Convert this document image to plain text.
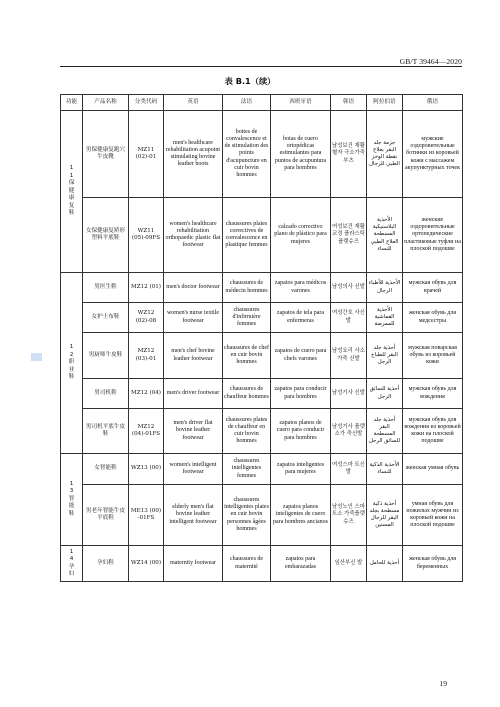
GB/T 39464—2020
表 B.1（续）
功能	产品名称	分类代码	英语	法语	西班牙语	韩语	阿拉伯语	俄语
11保健康复鞋	男保健康复跑穴牛皮靴	MZ11 (02)-01	men's healthcare rehabilitation acupoint stimulating bovine leather boots	bottes de convalescence et de stimulation des points d'acupuncture en cuir bovin hommes	botas de cuero ortopédicas estimulantes para puntos de acupuntura para hombres	남성보건 재활혈자 극소가죽 부츠	جزمة جلد البقر بعلاج نقطة الوخز الطبي للرجال	мужские оздоровительные ботинки из коровьей кожи с массажем акупунктурных точек
	女保健康复矫形塑料平底鞋	WZ11 (05)-09FS	women's healthcare rehabilitation orthopaedic plastic flat footwear	chaussures plates correctives de convalescence en plastique femmes	calzado correctivo plano de plástico para mujeres	여성보건 재활교정 플라스틱 플랫슈즈	الأحذية البلاستيكية المسطحة العلاج الطبي للنساء	женские оздоровительные ортопедические пластиковые туфли на плоской подошве
12职业鞋	男医生鞋	MZ12 (01)	men's doctor footwear	chaussures de médecin hommes	zapatos para médicos varones	남성의사 신발	الأحذية للأطباء الرجال	мужская обувь для врачей
	女护士布鞋	WZ12 (02)-08	women's nurse textile footwear	chaussures d'infirmière femmes	zapatos de tela para enfermeras	여성간호 사신발	الأحذية القماشية للممرضة	женская обувь для медсестры
	男厨师牛皮鞋	MZ12 (03)-01	men's chef bovine leather footwear	chaussures de chef en cuir bovin hommes	zapatos de cuero para chefs varones	남성요리 사소가죽 신발	أحذية جلد البقر للطباخ الرجل	мужская поварская обувь из коровьей кожи
	男司机鞋	MZ12 (04)	men's driver footwear	chaussures de chauffeur hommes	zapatos para conducir para hombres	남성기사 신발	أحذية للسائق الرجل	мужская обувь для вождения
	男司机平底牛皮鞋	MZ12 (04)-01FS	men's driver flat bovine leather footwear	chaussures plates de chauffeur en cuir bovin hommes	zapatos planos de cuero para conducir para hombres	남성기사 플랫소가 죽신발	أحذية جلد البقر المسطحة للسائق الرجل	мужская обувь для вождения из коровьей кожи на плоской подошве
13智能鞋	女智能鞋	WZ13 (00)	women's intelligent footwear	chaussures intelligentes femmes	zapatos inteligentes para mujeres	여성스마 트신발	الأحذية الذكية للنساء	женская умная обувь
	男老年智能牛皮平底鞋	ME13 (00) -01FS	elderly men's flat bovine leather intelligent footwear	chaussures intelligentes plates en cuir bovin personnes âgées hommes	zapatos planos inteligentes de cuero para hombres ancianos	남성노인 스마트소 가죽플랫 슈즈	أحذية ذكية مسطحة بجلد البقر للرجال المسنين	умная обувь для пожилых мужчин из коровьей кожи на плоской подошве
14孕妇	孕妇鞋	WZ14 (00)	maternity footwear	chaussures de maternité	zapatos para embarazadas	임산부신 발	أحذية للحامل	женская обувь для беременных
19
